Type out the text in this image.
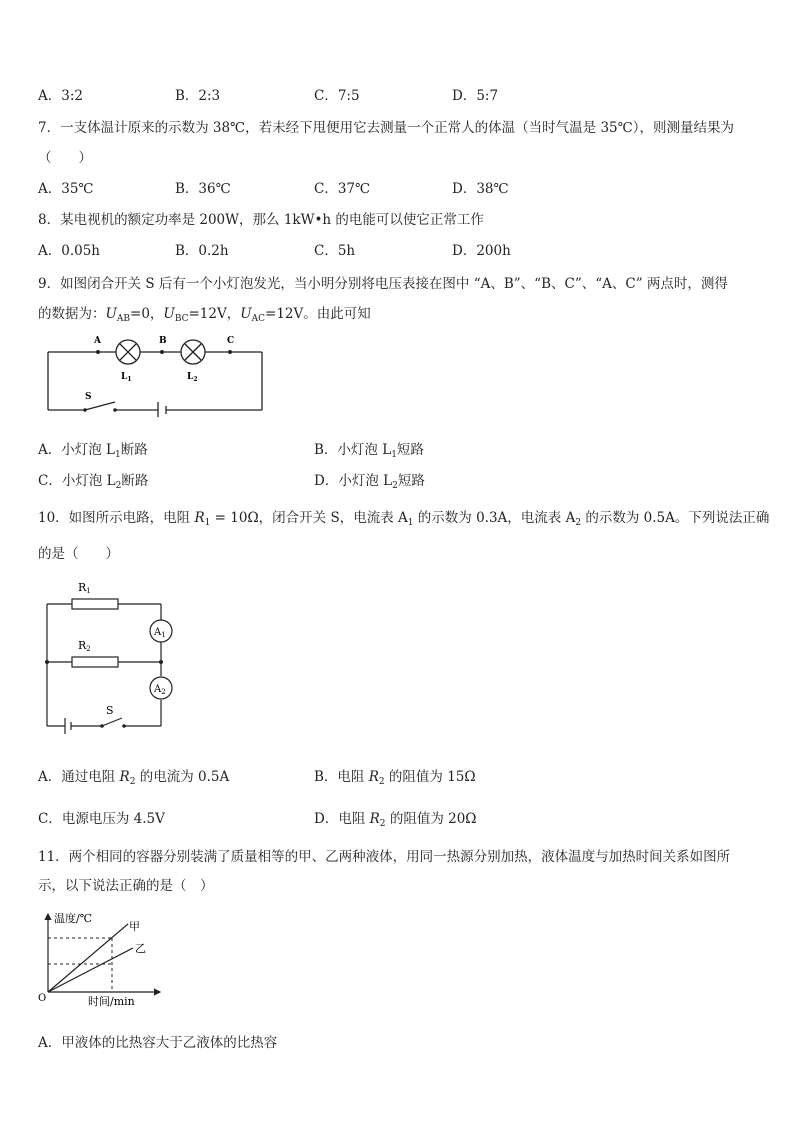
A．3:2	B．2:3	C．7:5	D．5:7
7．一支体温计原来的示数为 38℃，若未经下甩便用它去测量一个正常人的体温（当时气温是 35℃），则测量结果为
（　　）
A．35℃	B．36℃	C．37℃	D．38℃
8．某电视机的额定功率是 200W，那么 1kW•h 的电能可以使它正常工作
A．0.05h	B．0.2h	C．5h	D．200h
9．如图闭合开关 S 后有一个小灯泡发光，当小明分别将电压表接在图中 “A、B”、“B、C”、“A、C” 两点时，测得
的数据为：$U_{AB}=0$，$U_{BC}=12V$，$U_{AC}=12V$。由此可知
A	B	C
$L_1$	$L_2$
S
A．小灯泡 $L_1$断路	B．小灯泡 $L_1$短路
C．小灯泡 $L_2$断路	D．小灯泡 $L_2$短路
10．如图所示电路，电阻 $R_1 = 10\Omega$，闭合开关 S，电流表 $A_1$ 的示数为 0.3A，电流表 $A_2$ 的示数为 0.5A。下列说法正确
的是（　　）
$A_1$
$A_2$
R1
R2
S
A．通过电阻 $R_2$ 的电流为 0.5A	B．电阻 $R_2$ 的阻值为 15Ω
C．电源电压为 4.5V	D．电阻 $R_2$ 的阻值为 20Ω
11．两个相同的容器分别装满了质量相等的甲、乙两种液体，用同一热源分别加热，液体温度与加热时间关系如图所
示，以下说法正确的是（　）
温度/℃
时间/min
O
甲
乙
A．甲液体的比热容大于乙液体的比热容
